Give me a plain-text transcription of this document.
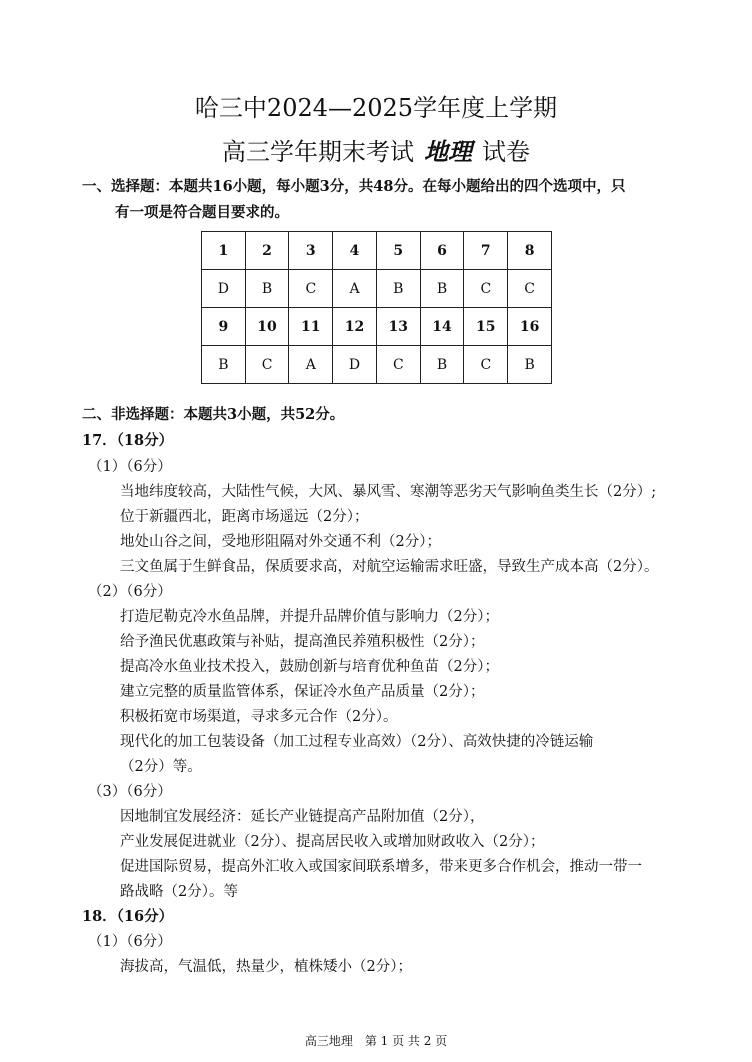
哈三中2024—2025学年度上学期
高三学年期末考试 地理 试卷
一、选择题：本题共16小题，每小题3分，共48分。在每小题给出的四个选项中，只
有一项是符合题目要求的。
1	2	3	4	5	6	7	8
D	B	C	A	B	B	C	C
9	10	11	12	13	14	15	16
B	C	A	D	C	B	C	B
二、非选择题：本题共3小题，共52分。
17．（18分）
（1）（6分）
当地纬度较高，大陆性气候，大风、暴风雪、寒潮等恶劣天气影响鱼类生长（2分）;
位于新疆西北，距离市场遥远（2分）；
地处山谷之间，受地形阻隔对外交通不利（2分）；
三文鱼属于生鲜食品，保质要求高，对航空运输需求旺盛，导致生产成本高（2分）。
（2）（6分）
打造尼勒克冷水鱼品牌，并提升品牌价值与影响力（2分）；
给予渔民优惠政策与补贴，提高渔民养殖积极性（2分）；
提高冷水鱼业技术投入，鼓励创新与培育优种鱼苗（2分）；
建立完整的质量监管体系，保证冷水鱼产品质量（2分）；
积极拓宽市场渠道，寻求多元合作（2分）。
现代化的加工包装设备（加工过程专业高效）（2分）、高效快捷的冷链运输
（2分）等。
（3）（6分）
因地制宜发展经济：延长产业链提高产品附加值（2分），
产业发展促进就业（2分）、提高居民收入或增加财政收入（2分）；
促进国际贸易，提高外汇收入或国家间联系增多，带来更多合作机会，推动一带一
路战略（2分）。等
18．（16分）
（1）（6分）
海拔高，气温低，热量少，植株矮小（2分）；
高三地理　第 1 页 共 2 页
